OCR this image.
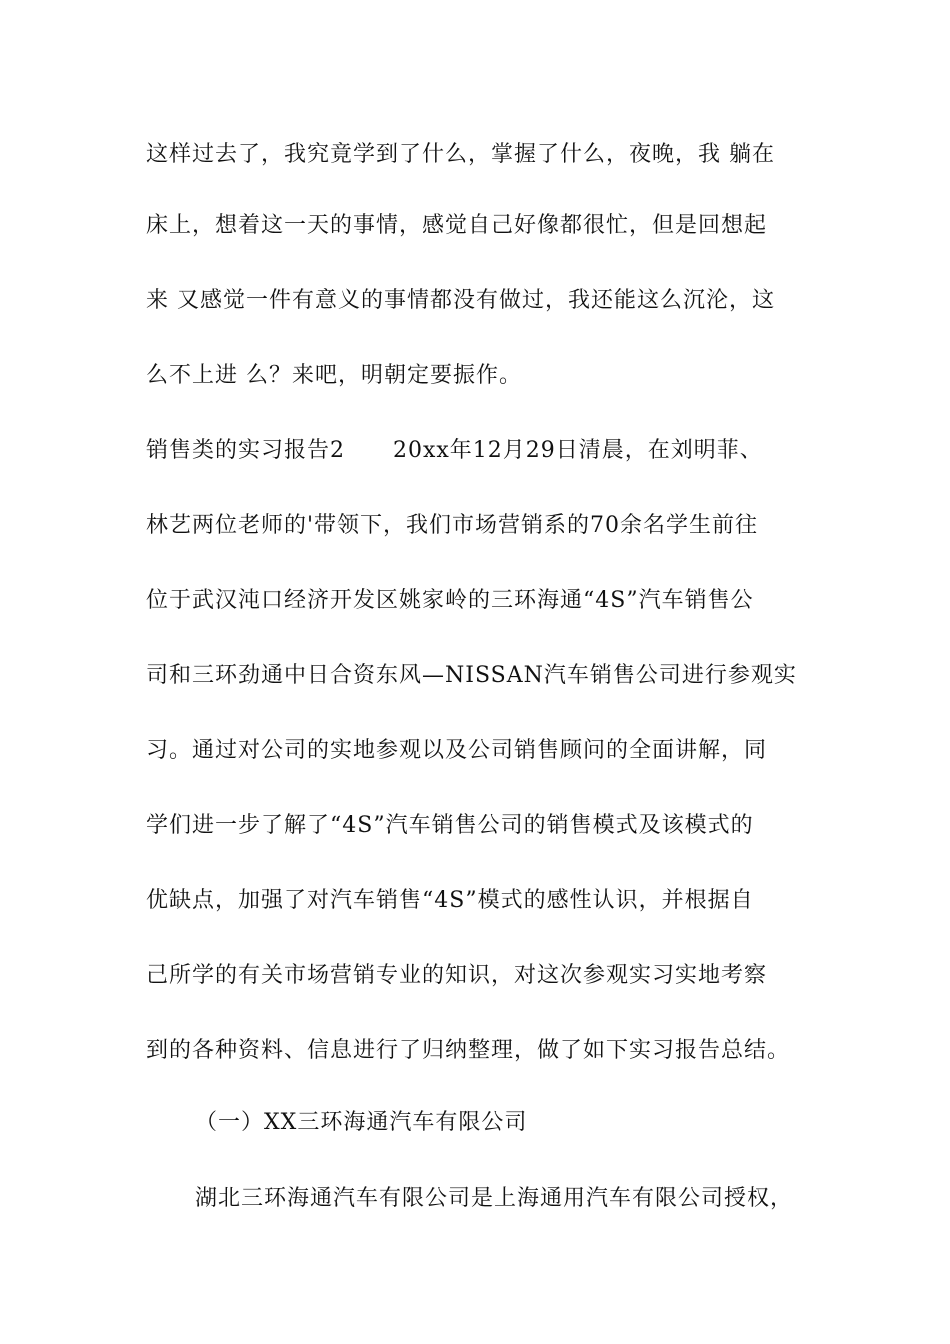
这样过去了，我究竟学到了什么，掌握了什么，夜晚，我 躺在
床上，想着这一天的事情，感觉自己好像都很忙，但是回想起
来 又感觉一件有意义的事情都没有做过，我还能这么沉沦，这
么不上进 么？来吧，明朝定要振作。
销售类的实习报告2      20xx年12月29日清晨，在刘明菲、
林艺两位老师的'带领下，我们市场营销系的70余名学生前往
位于武汉沌口经济开发区姚家岭的三环海通“4S”汽车销售公
司和三环劲通中日合资东风—NISSAN汽车销售公司进行参观实
习。通过对公司的实地参观以及公司销售顾问的全面讲解，同
学们进一步了解了“4S”汽车销售公司的销售模式及该模式的
优缺点，加强了对汽车销售“4S”模式的感性认识，并根据自
己所学的有关市场营销专业的知识，对这次参观实习实地考察
到的各种资料、信息进行了归纳整理，做了如下实习报告总结。
（一）XX三环海通汽车有限公司
湖北三环海通汽车有限公司是上海通用汽车有限公司授权，
